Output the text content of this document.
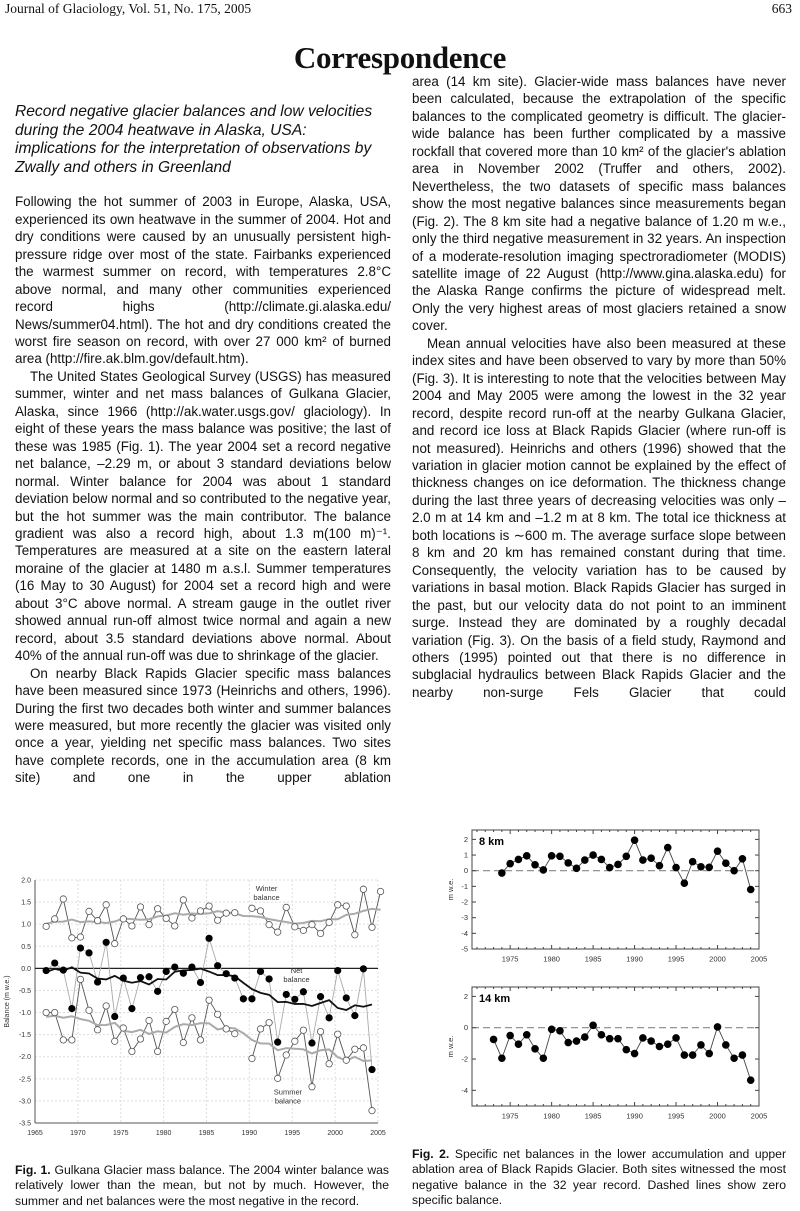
Journal of Glaciology, Vol. 51, No. 175, 2005	663
Correspondence
Record negative glacier balances and low velocities during the 2004 heatwave in Alaska, USA: implications for the interpretation of observations by Zwally and others in Greenland

Following the hot summer of 2003 in Europe, Alaska, USA, experienced its own heatwave in the summer of 2004. Hot and dry conditions were caused by an unusually persistent high-pressure ridge over most of the state. Fairbanks experienced the warmest summer on record, with temperatures 2.8°C above normal, and many other communities experienced record highs (http://climate.gi.alaska.edu/ News/summer04.html). The hot and dry conditions created the worst fire season on record, with over 27 000 km² of burned area (http://fire.ak.blm.gov/default.htm).

The United States Geological Survey (USGS) has measured summer, winter and net mass balances of Gulkana Glacier, Alaska, since 1966 (http://ak.water.usgs.gov/ glaciology). In eight of these years the mass balance was positive; the last of these was 1985 (Fig. 1). The year 2004 set a record negative net balance, –2.29 m, or about 3 standard deviations below normal. Winter balance for 2004 was about 1 standard deviation below normal and so contributed to the negative year, but the hot summer was the main contributor. The balance gradient was also a record high, about 1.3 m(100 m)⁻¹. Temperatures are measured at a site on the eastern lateral moraine of the glacier at 1480 m a.s.l. Summer temperatures (16 May to 30 August) for 2004 set a record high and were about 3°C above normal. A stream gauge in the outlet river showed annual run-off almost twice normal and again a new record, about 3.5 standard deviations above normal. About 40% of the annual run-off was due to shrinkage of the glacier.

On nearby Black Rapids Glacier specific mass balances have been measured since 1973 (Heinrichs and others, 1996). During the first two decades both winter and summer balances were measured, but more recently the glacier was visited only once a year, yielding net specific mass balances. Two sites have complete records, one in the accumulation area (8 km site) and one in the upper ablation

area (14 km site). Glacier-wide mass balances have never been calculated, because the extrapolation of the specific balances to the complicated geometry is difficult. The glacier-wide balance has been further complicated by a massive rockfall that covered more than 10 km² of the glacier's ablation area in November 2002 (Truffer and others, 2002). Nevertheless, the two datasets of specific mass balances show the most negative balances since measurements began (Fig. 2). The 8 km site had a negative balance of 1.20 m w.e., only the third negative measurement in 32 years. An inspection of a moderate-resolution imaging spectroradiometer (MODIS) satellite image of 22 August (http://www.gina.alaska.edu) for the Alaska Range confirms the picture of widespread melt. Only the very highest areas of most glaciers retained a snow cover.

Mean annual velocities have also been measured at these index sites and have been observed to vary by more than 50% (Fig. 3). It is interesting to note that the velocities between May 2004 and May 2005 were among the lowest in the 32 year record, despite record run-off at the nearby Gulkana Glacier, and record ice loss at Black Rapids Glacier (where run-off is not measured). Heinrichs and others (1996) showed that the variation in glacier motion cannot be explained by the effect of thickness changes on ice deformation. The thickness change during the last three years of decreasing velocities was only –2.0 m at 14 km and –1.2 m at 8 km. The total ice thickness at both locations is ∼600 m. The average surface slope between 8 km and 20 km has remained constant during that time. Consequently, the velocity variation has to be caused by variations in basal motion. Black Rapids Glacier has surged in the past, but our velocity data do not point to an imminent surge. Instead they are dominated by a roughly decadal variation (Fig. 3). On the basis of a field study, Raymond and others (1995) pointed out that there is no difference in subglacial hydraulics between Black Rapids Glacier and the nearby non-surge Fels Glacier that could

2.0
1.5
1.0
0.5
0.0
-0.5
-1.0
-1.5
-2.0
-2.5
-3.0
-3.5
1965	1970	1975	1980	1985	1990	1995	2000	2005
Balance (m w.e.)
Winter
balance
Net
balance
Summer
balance
8 km
2
1
0
-1
-2
-3
-4
-5
1975	1980	1985	1990	1995	2000	2005
m w.e.
14 km
2
0
-2
-4
1975	1980	1985	1990	1995	2000	2005
m w.e.
Fig. 1. Gulkana Glacier mass balance. The 2004 winter balance was relatively lower than the mean, but not by much. However, the summer and net balances were the most negative in the record.
Fig. 2. Specific net balances in the lower accumulation and upper ablation area of Black Rapids Glacier. Both sites witnessed the most negative balance in the 32 year record. Dashed lines show zero specific balance.
